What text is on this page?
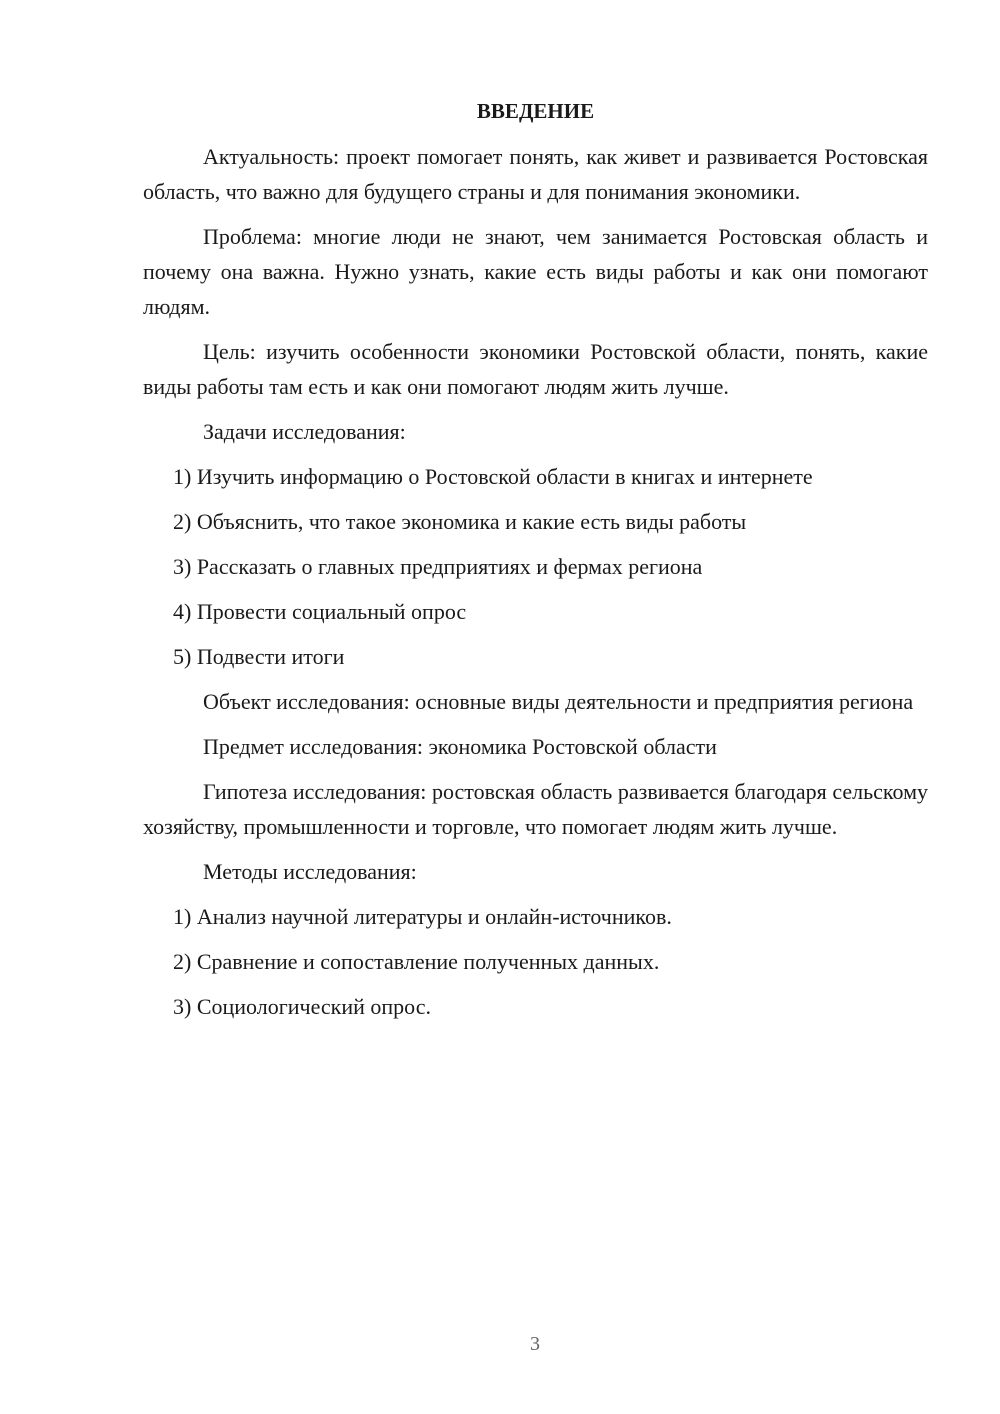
ВВЕДЕНИЕ

Актуальность: проект помогает понять, как живет и развивается Ростовская область, что важно для будущего страны и для понимания экономики.

Проблема: многие люди не знают, чем занимается Ростовская область и почему она важна. Нужно узнать, какие есть виды работы и как они помогают людям.

Цель: изучить особенности экономики Ростовской области, понять, какие виды работы там есть и как они помогают людям жить лучше.

Задачи исследования:

1) Изучить информацию о Ростовской области в книгах и интернете

2) Объяснить, что такое экономика и какие есть виды работы

3) Рассказать о главных предприятиях и фермах региона

4) Провести социальный опрос

5) Подвести итоги

Объект исследования: основные виды деятельности и предприятия региона

Предмет исследования: экономика Ростовской области

Гипотеза исследования: ростовская область развивается благодаря сельскому хозяйству, промышленности и торговле, что помогает людям жить лучше.

Методы исследования:

1) Анализ научной литературы и онлайн-источников.

2) Сравнение и сопоставление полученных данных.

3) Социологический опрос.

3
